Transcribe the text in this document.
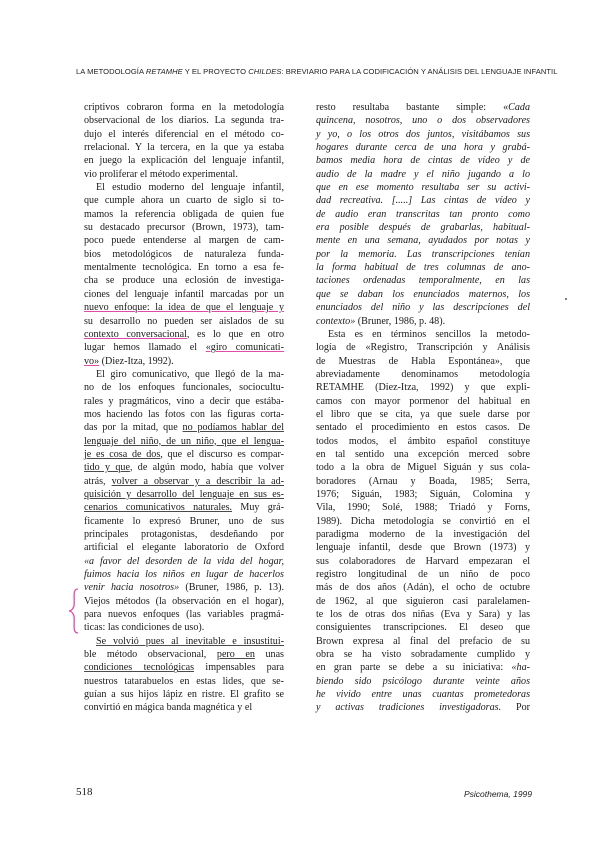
LA METODOLOGÍA RETAMHE Y EL PROYECTO CHILDES: BREVIARIO PARA LA CODIFICACIÓN Y ANÁLISIS DEL LENGUAJE INFANTIL
criptivos cobraron forma en la metodología
observacional de los diarios. La segunda tra-
dujo el interés diferencial en el método co-
rrelacional. Y la tercera, en la que ya estaba
en juego la explicación del lenguaje infantil,
vio proliferar el método experimental.
El estudio moderno del lenguaje infantil,
que cumple ahora un cuarto de siglo si to-
mamos la referencia obligada de quien fue
su destacado precursor (Brown, 1973), tam-
poco puede entenderse al margen de cam-
bios metodológicos de naturaleza funda-
mentalmente tecnológica. En torno a esa fe-
cha se produce una eclosión de investiga-
ciones del lenguaje infantil marcadas por un
nuevo enfoque: la idea de que el lenguaje y
su desarrollo no pueden ser aislados de su
contexto conversacional, es lo que en otro
lugar hemos llamado el «giro comunicati-
vo» (Diez-Itza, 1992).
El giro comunicativo, que llegó de la ma-
no de los enfoques funcionales, sociocultu-
rales y pragmáticos, vino a decir que estába-
mos haciendo las fotos con las figuras corta-
das por la mitad, que no podíamos hablar del
lenguaje del niño, de un niño, que el lengua-
je es cosa de dos, que el discurso es compar-
tido y que, de algún modo, había que volver
atrás, volver a observar y a describir la ad-
quisición y desarrollo del lenguaje en sus es-
cenarios comunicativos naturales. Muy grá-
ficamente lo expresó Bruner, uno de sus
principales protagonistas, desdeñando por
artificial el elegante laboratorio de Oxford
«a favor del desorden de la vida del hogar,
fuimos hacia los niños en lugar de hacerlos
venir hacia nosotros» (Bruner, 1986, p. 13).
Viejos métodos (la observación en el hogar),
para nuevos enfoques (las variables pragmá-
ticas: las condiciones de uso).
Se volvió pues al inevitable e insustitui-
ble método observacional, pero en unas
condiciones tecnológicas impensables para
nuestros tatarabuelos en estas lides, que se-
guían a sus hijos lápiz en ristre. El grafito se
convirtió en mágica banda magnética y el
resto resultaba bastante simple: «Cada
quincena, nosotros, uno o dos observadores
y yo, o los otros dos juntos, visitábamos sus
hogares durante cerca de una hora y grabá-
bamos media hora de cintas de vídeo y de
audio de la madre y el niño jugando a lo
que en ese momento resultaba ser su activi-
dad recreativa. [.....] Las cintas de vídeo y
de audio eran transcritas tan pronto como
era posible después de grabarlas, habitual-
mente en una semana, ayudados por notas y
por la memoria. Las transcripciones tenían
la forma habitual de tres columnas de ano-
taciones ordenadas temporalmente, en las
que se daban los enunciados maternos, los
enunciados del niño y las descripciones del
contexto» (Bruner, 1986, p. 48).
Esta es en términos sencillos la metodo-
logía de «Registro, Transcripción y Análisis
de Muestras de Habla Espontánea», que
abreviadamente denominamos metodología
RETAMHE (Diez-Itza, 1992) y que expli-
camos con mayor pormenor del habitual en
el libro que se cita, ya que suele darse por
sentado el procedimiento en estos casos. De
todos modos, el ámbito español constituye
en tal sentido una excepción merced sobre
todo a la obra de Miguel Siguán y sus cola-
boradores (Arnau y Boada, 1985; Serra,
1976; Siguán, 1983; Siguán, Colomina y
Vila, 1990; Solé, 1988; Triadó y Forns,
1989). Dicha metodología se convirtió en el
paradigma moderno de la investigación del
lenguaje infantil, desde que Brown (1973) y
sus colaboradores de Harvard empezaran el
registro longitudinal de un niño de poco
más de dos años (Adán), el ocho de octubre
de 1962, al que siguieron casi paralelamen-
te los de otras dos niñas (Eva y Sara) y las
consiguientes transcripciones. El deseo que
Brown expresa al final del prefacio de su
obra se ha visto sobradamente cumplido y
en gran parte se debe a su iniciativa: «ha-
biendo sido psicólogo durante veinte años
he vivido entre unas cuantas prometedoras
y activas tradiciones investigadoras. Por
518	Psicothema, 1999
